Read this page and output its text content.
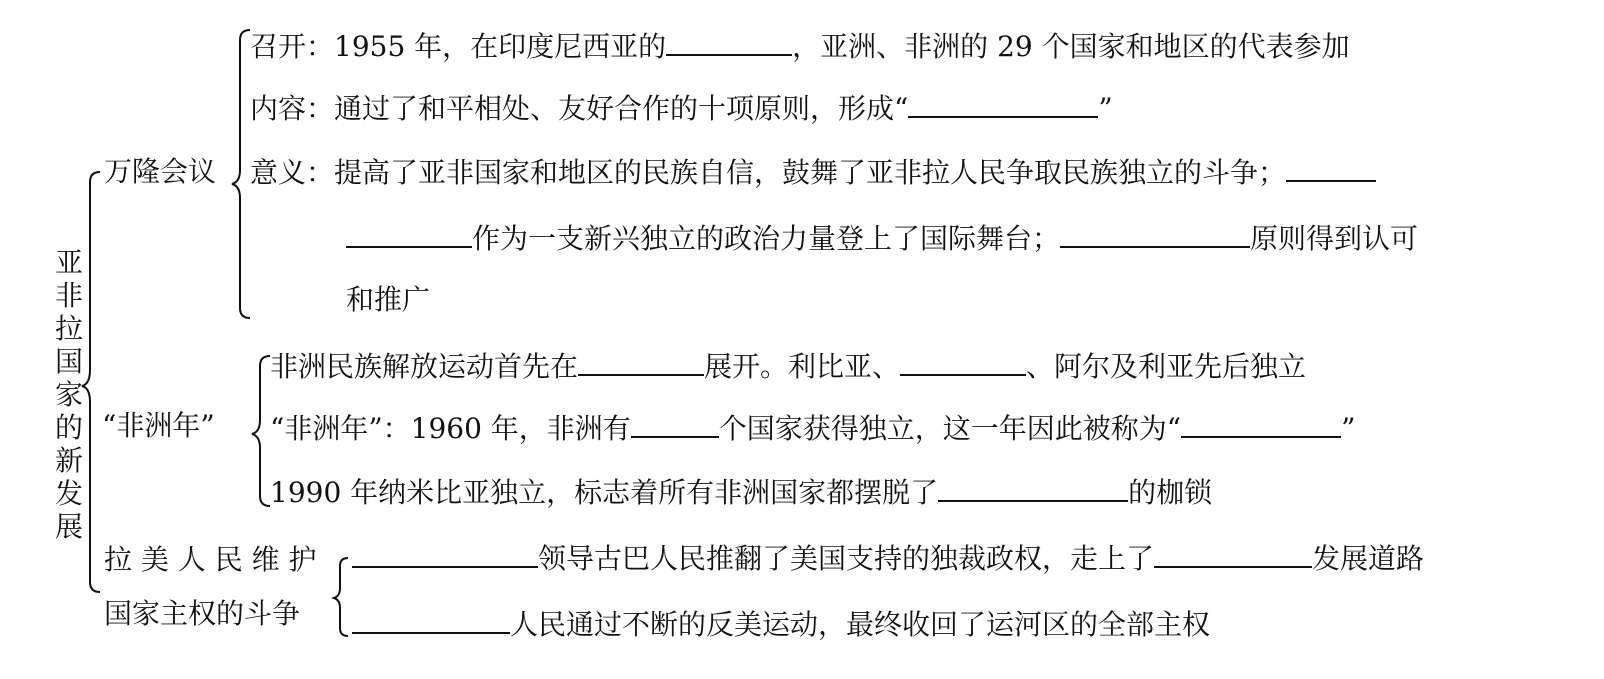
亚
非
拉
国
家
的
新
发
展
万隆会议
召开：1955 年，在印度尼西亚的	，亚洲、非洲的 29 个国家和地区的代表参加
内容：通过了和平相处、友好合作的十项原则，形成“	”
意义：提高了亚非国家和地区的民族自信，鼓舞了亚非拉人民争取民族独立的斗争；
作为一支新兴独立的政治力量登上了国际舞台；	原则得到认可
和推广
“非洲年”
非洲民族解放运动首先在	展开。利比亚、	、阿尔及利亚先后独立
“非洲年”：1960 年，非洲有	个国家获得独立，这一年因此被称为“	”
1990 年纳米比亚独立，标志着所有非洲国家都摆脱了	的枷锁
拉 美 人 民 维 护
国家主权的斗争
领导古巴人民推翻了美国支持的独裁政权，走上了	发展道路
人民通过不断的反美运动，最终收回了运河区的全部主权
